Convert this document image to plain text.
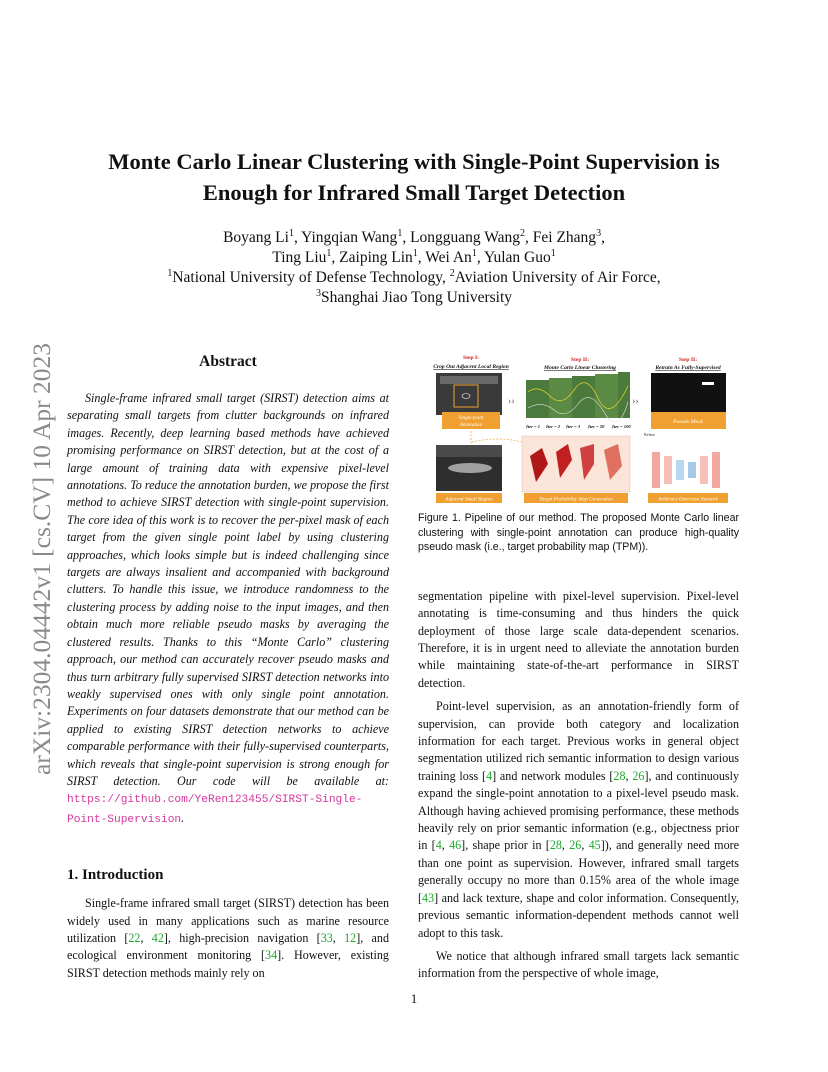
arXiv:2304.04442v1 [cs.CV] 10 Apr 2023
Monte Carlo Linear Clustering with Single-Point Supervision is
Enough for Infrared Small Target Detection
Boyang Li$^1$, Yingqian Wang$^1$, Longguang Wang$^2$, Fei Zhang$^3$,
Ting Liu$^1$, Zaiping Lin$^1$, Wei An$^1$, Yulan Guo$^1$
$^1$National University of Defense Technology, $^2$Aviation University of Air Force,
$^3$Shanghai Jiao Tong University
Abstract

Single-frame infrared small target (SIRST) detection aims at separating small targets from clutter backgrounds on infrared images. Recently, deep learning based methods have achieved promising performance on SIRST detection, but at the cost of a large amount of training data with expensive pixel-level annotations. To reduce the annotation burden, we propose the first method to achieve SIRST detection with single-point supervision. The core idea of this work is to recover the per-pixel mask of each target from the given single point label by using clustering approaches, which looks simple but is indeed challenging since targets are always insalient and accompanied with background clutters. To handle this issue, we introduce randomness to the clustering process by adding noise to the input images, and then obtain much more reliable pseudo masks by averaging the clustered results. Thanks to this “Monte Carlo” clustering approach, our method can accurately recover pseudo masks and thus turn arbitrary fully supervised SIRST detection networks into weakly supervised ones with only single point annotation. Experiments on four datasets demonstrate that our method can be applied to existing SIRST detection networks to achieve comparable performance with their fully-supervised counterparts, which reveals that single-point supervision is strong enough for SIRST detection. Our code will be available at: https://github.com/YeRen123455/SIRST-Single-Point-Supervision.

1. Introduction

Single-frame infrared small target (SIRST) detection has been widely used in many applications such as marine resource utilization [22, 42], high-precision navigation [33, 12], and ecological environment monitoring [34]. However, existing SIRST detection methods mainly rely on

Step I:
Crop Out Adjacent Local Region
Step II:
Monte Carlo Linear Clustering
Step II:
Retrain As Fully-Supervised
Single-point
Annotation
Adjacent Small Region
››	››
Iter = 1 Iter = 2 Iter = 3 Iter = 20 Iter = 100
Target Probability Map Generation
Pseudo Mask
Refine
Arbitrary Detection Network
Figure 1. Pipeline of our method. The proposed Monte Carlo linear clustering with single-point annotation can produce high-quality pseudo mask (i.e., target probability map (TPM)).

segmentation pipeline with pixel-level supervision. Pixel-level annotating is time-consuming and thus hinders the quick deployment of those large scale data-dependent scenarios. Therefore, it is in urgent need to alleviate the annotation burden while maintaining state-of-the-art performance in SIRST detection.

Point-level supervision, as an annotation-friendly form of supervision, can provide both category and localization information for each target. Previous works in general object segmentation utilized rich semantic information to design various training loss [4] and network modules [28, 26], and continuously expand the single-point annotation to a pixel-level pseudo mask. Although having achieved promising performance, these methods heavily rely on prior semantic information (e.g., objectness prior in [4, 46], shape prior in [28, 26, 45]), and generally need more than one point as supervision. However, infrared small targets generally occupy no more than 0.15% area of the whole image [43] and lack texture, shape and color information. Consequently, previous semantic information-dependent methods cannot well adopt to this task.

We notice that although infrared small targets lack semantic information from the perspective of whole image,

1
